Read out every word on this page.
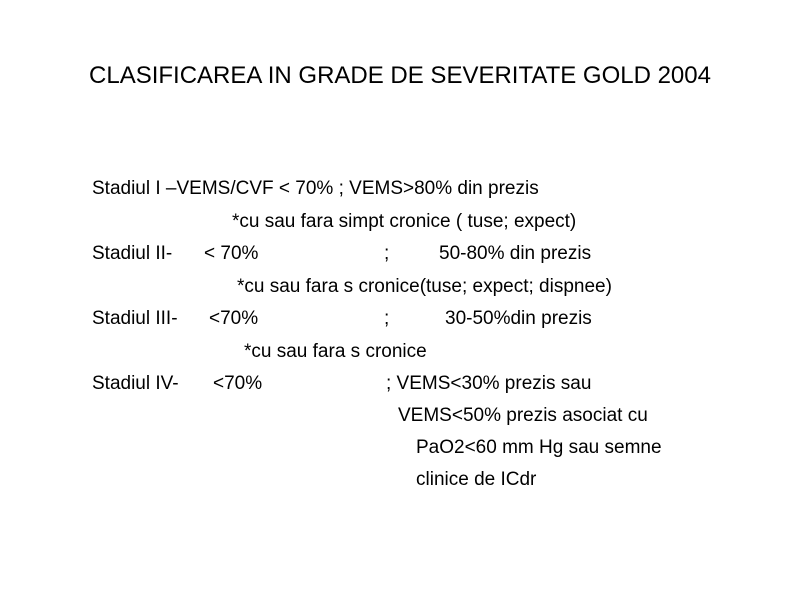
CLASIFICAREA IN GRADE DE SEVERITATE GOLD 2004
Stadiul I –VEMS/CVF < 70% ; VEMS>80% din prezis
*cu sau fara simpt cronice ( tuse; expect)
Stadiul II- < 70%	;	50-80% din prezis
*cu sau fara s cronice(tuse; expect; dispnee)
Stadiul III- <70%	;	30-50%din prezis
*cu sau fara s cronice
Stadiul IV- <70%	; VEMS<30% prezis sau
VEMS<50% prezis asociat cu
PaO2<60 mm Hg sau semne
clinice de ICdr
